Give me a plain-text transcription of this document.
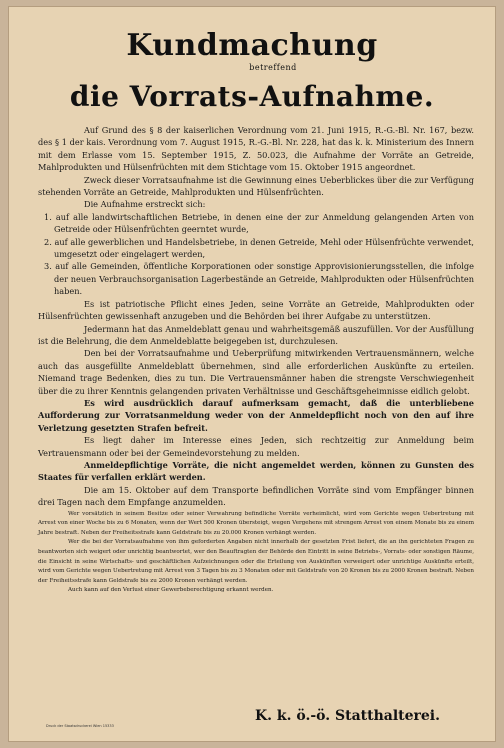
Kundmachung
betreffend
die Vorrats-Aufnahme.

Auf Grund des § 8 der kaiserlichen Verordnung vom 21. Juni 1915, R.-G.-Bl. Nr. 167, bezw. des § 1 der kais. Verordnung vom 7. August 1915, R.-G.-Bl. Nr. 228, hat das k. k. Ministerium des Innern mit dem Erlasse vom 15. September 1915, Z. 50.023, die Aufnahme der Vorräte an Getreide, Mahlprodukten und Hülsenfrüchten mit dem Stichtage vom 15. Oktober 1915 angeordnet.

Zweck dieser Vorratsaufnahme ist die Gewinnung eines Ueberblickes über die zur Verfügung stehenden Vorräte an Getreide, Mahlprodukten und Hülsenfrüchten.

Die Aufnahme erstreckt sich:

1. auf alle landwirtschaftlichen Betriebe, in denen eine der zur Anmeldung gelangenden Arten von Getreide oder Hülsenfrüchten geerntet wurde,

2. auf alle gewerblichen und Handelsbetriebe, in denen Getreide, Mehl oder Hülsenfrüchte verwendet, umgesetzt oder eingelagert werden,

3. auf alle Gemeinden, öffentliche Korporationen oder sonstige Approvisionierungsstellen, die infolge der neuen Verbrauchsorganisation Lagerbestände an Getreide, Mahlprodukten oder Hülsenfrüchten haben.

Es ist patriotische Pflicht eines Jeden, seine Vorräte an Getreide, Mahlprodukten oder Hülsenfrüchten gewissenhaft anzugeben und die Behörden bei ihrer Aufgabe zu unterstützen.

Jedermann hat das Anmeldeblatt genau und wahrheitsgemäß auszufüllen. Vor der Ausfüllung ist die Belehrung, die dem Anmeldeblatte beigegeben ist, durchzulesen.

Den bei der Vorratsaufnahme und Ueberprüfung mitwirkenden Vertrauensmännern, welche auch das ausgefüllte Anmeldeblatt übernehmen, sind alle erforderlichen Auskünfte zu erteilen. Niemand trage Bedenken, dies zu tun. Die Vertrauensmänner haben die strengste Verschwiegenheit über die zu ihrer Kenntnis gelangenden privaten Verhältnisse und Geschäftsgeheimnisse eidlich gelobt.

Es wird ausdrücklich darauf aufmerksam gemacht, daß die unterbliebene Aufforderung zur Vorratsanmeldung weder von der Anmeldepflicht noch von den auf ihre Verletzung gesetzten Strafen befreit.

Es liegt daher im Interesse eines Jeden, sich rechtzeitig zur Anmeldung beim Vertrauensmann oder bei der Gemeindevorstehung zu melden.

Anmeldepflichtige Vorräte, die nicht angemeldet werden, können zu Gunsten des Staates für verfallen erklärt werden.

Die am 15. Oktober auf dem Transporte befindlichen Vorräte sind vom Empfänger binnen drei Tagen nach dem Empfange anzumelden.

Wer vorsätzlich in seinem Besitze oder seiner Verwahrung befindliche Vorräte verheimlicht, wird vom Gerichte wegen Uebertretung mit Arrest von einer Woche bis zu 6 Monaten, wenn der Wert 500 Kronen übersteigt, wegen Vergehens mit strengem Arrest von einem Monate bis zu einem Jahre bestraft. Neben der Freiheitsstrafe kann Geldstrafe bis zu 20.000 Kronen verhängt werden.

Wer die bei der Vorratsaufnahme von ihm geforderten Angaben nicht innerhalb der gesetzten Frist liefert, die an ihn gerichteten Fragen zu beantworten sich weigert oder unrichtig beantwortet, wer den Beauftragten der Behörde den Eintritt in seine Betriebs-, Vorrats- oder sonstigen Räume, die Einsicht in seine Wirtschafts- und geschäftlichen Aufzeichnungen oder die Erteilung von Auskünften verweigert oder unrichtige Auskünfte erteilt, wird vom Gerichte wegen Uebertretung mit Arrest von 3 Tagen bis zu 3 Monaten oder mit Geldstrafe von 20 Kronen bis zu 2000 Kronen bestraft. Neben der Freiheitsstrafe kann Geldstrafe bis zu 2000 Kronen verhängt werden.

Auch kann auf den Verlust einer Gewerbeberechtigung erkannt werden.

K. k. ö.-ö. Statthalterei.
Druck der Staatsdruckerei Wien 15333
